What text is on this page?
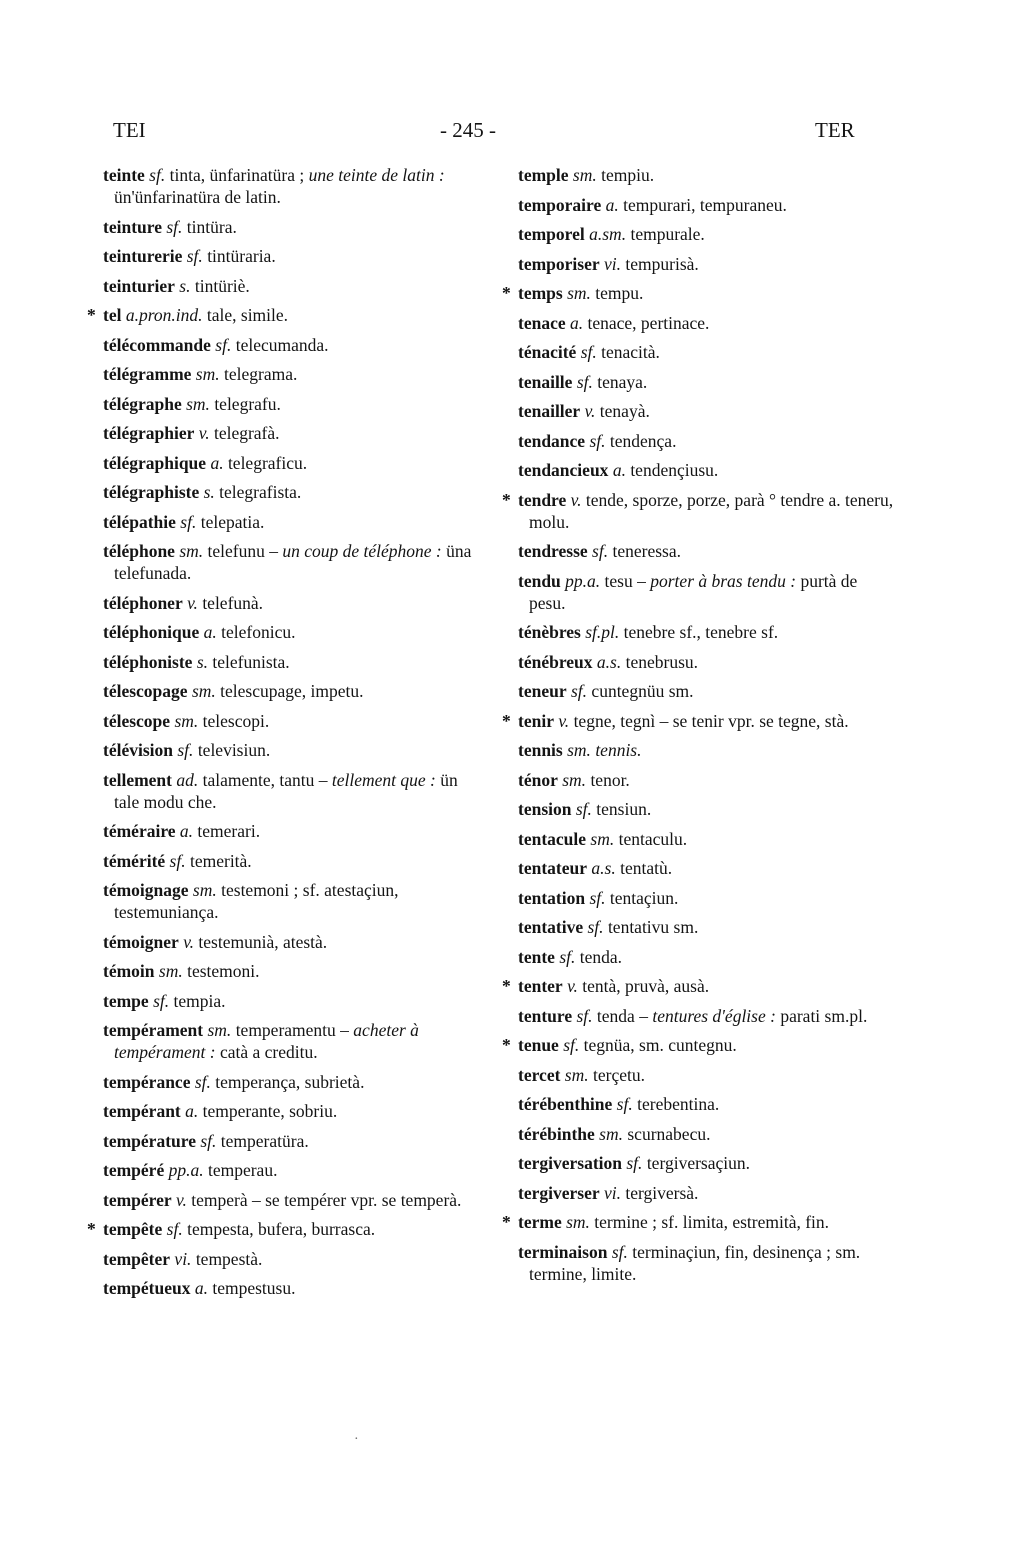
TEI	- 245 -	TER
teinte sf. tinta, ünfarinatüra ; une teinte de latin : ün'ünfarinatüra de latin.
teinture sf. tintüra.
teinturerie sf. tintüraria.
teinturier s. tintüriè.
* tel a.pron.ind. tale, simile.
télécommande sf. telecumanda.
télégramme sm. telegrama.
télégraphe sm. telegrafu.
télégraphier v. telegrafà.
télégraphique a. telegraficu.
télégraphiste s. telegrafista.
télépathie sf. telepatia.
téléphone sm. telefunu – un coup de téléphone : üna telefunada.
téléphoner v. telefunà.
téléphonique a. telefonicu.
téléphoniste s. telefunista.
télescopage sm. telescupage, impetu.
télescope sm. telescopi.
télévision sf. televisiun.
tellement ad. talamente, tantu – tellement que : ün tale modu che.
téméraire a. temerari.
témérité sf. temerità.
témoignage sm. testemoni ; sf. atestaçiun, testemuniança.
témoigner v. testemunià, atestà.
témoin sm. testemoni.
tempe sf. tempia.
tempérament sm. temperamentu – acheter à tempérament : catà a creditu.
tempérance sf. temperança, subrietà.
tempérant a. temperante, sobriu.
température sf. temperatüra.
tempéré pp.a. temperau.
tempérer v. temperà – se tempérer vpr. se temperà.
* tempête sf. tempesta, bufera, burrasca.
tempêter vi. tempestà.
tempétueux a. tempestusu.
temple sm. tempiu.
temporaire a. tempurari, tempuraneu.
temporel a.sm. tempurale.
temporiser vi. tempurisà.
* temps sm. tempu.
tenace a. tenace, pertinace.
ténacité sf. tenacità.
tenaille sf. tenaya.
tenailler v. tenayà.
tendance sf. tendença.
tendancieux a. tendençiusu.
* tendre v. tende, sporze, porze, parà ° tendre a. teneru, molu.
tendresse sf. teneressa.
tendu pp.a. tesu – porter à bras tendu : purtà de pesu.
ténèbres sf.pl. tenebre sf., tenebre sf.
ténébreux a.s. tenebrusu.
teneur sf. cuntegnüu sm.
* tenir v. tegne, tegnì – se tenir vpr. se tegne, stà.
tennis sm. tennis.
ténor sm. tenor.
tension sf. tensiun.
tentacule sm. tentaculu.
tentateur a.s. tentatù.
tentation sf. tentaçiun.
tentative sf. tentativu sm.
tente sf. tenda.
* tenter v. tentà, pruvà, ausà.
tenture sf. tenda – tentures d'église : parati sm.pl.
* tenue sf. tegnüa, sm. cuntegnu.
tercet sm. terçetu.
térébenthine sf. terebentina.
térébinthe sm. scurnabecu.
tergiversation sf. tergiversaçiun.
tergiverser vi. tergiversà.
* terme sm. termine ; sf. limita, estremità, fin.
terminaison sf. terminaçiun, fin, desinença ; sm. termine, limite.
·
